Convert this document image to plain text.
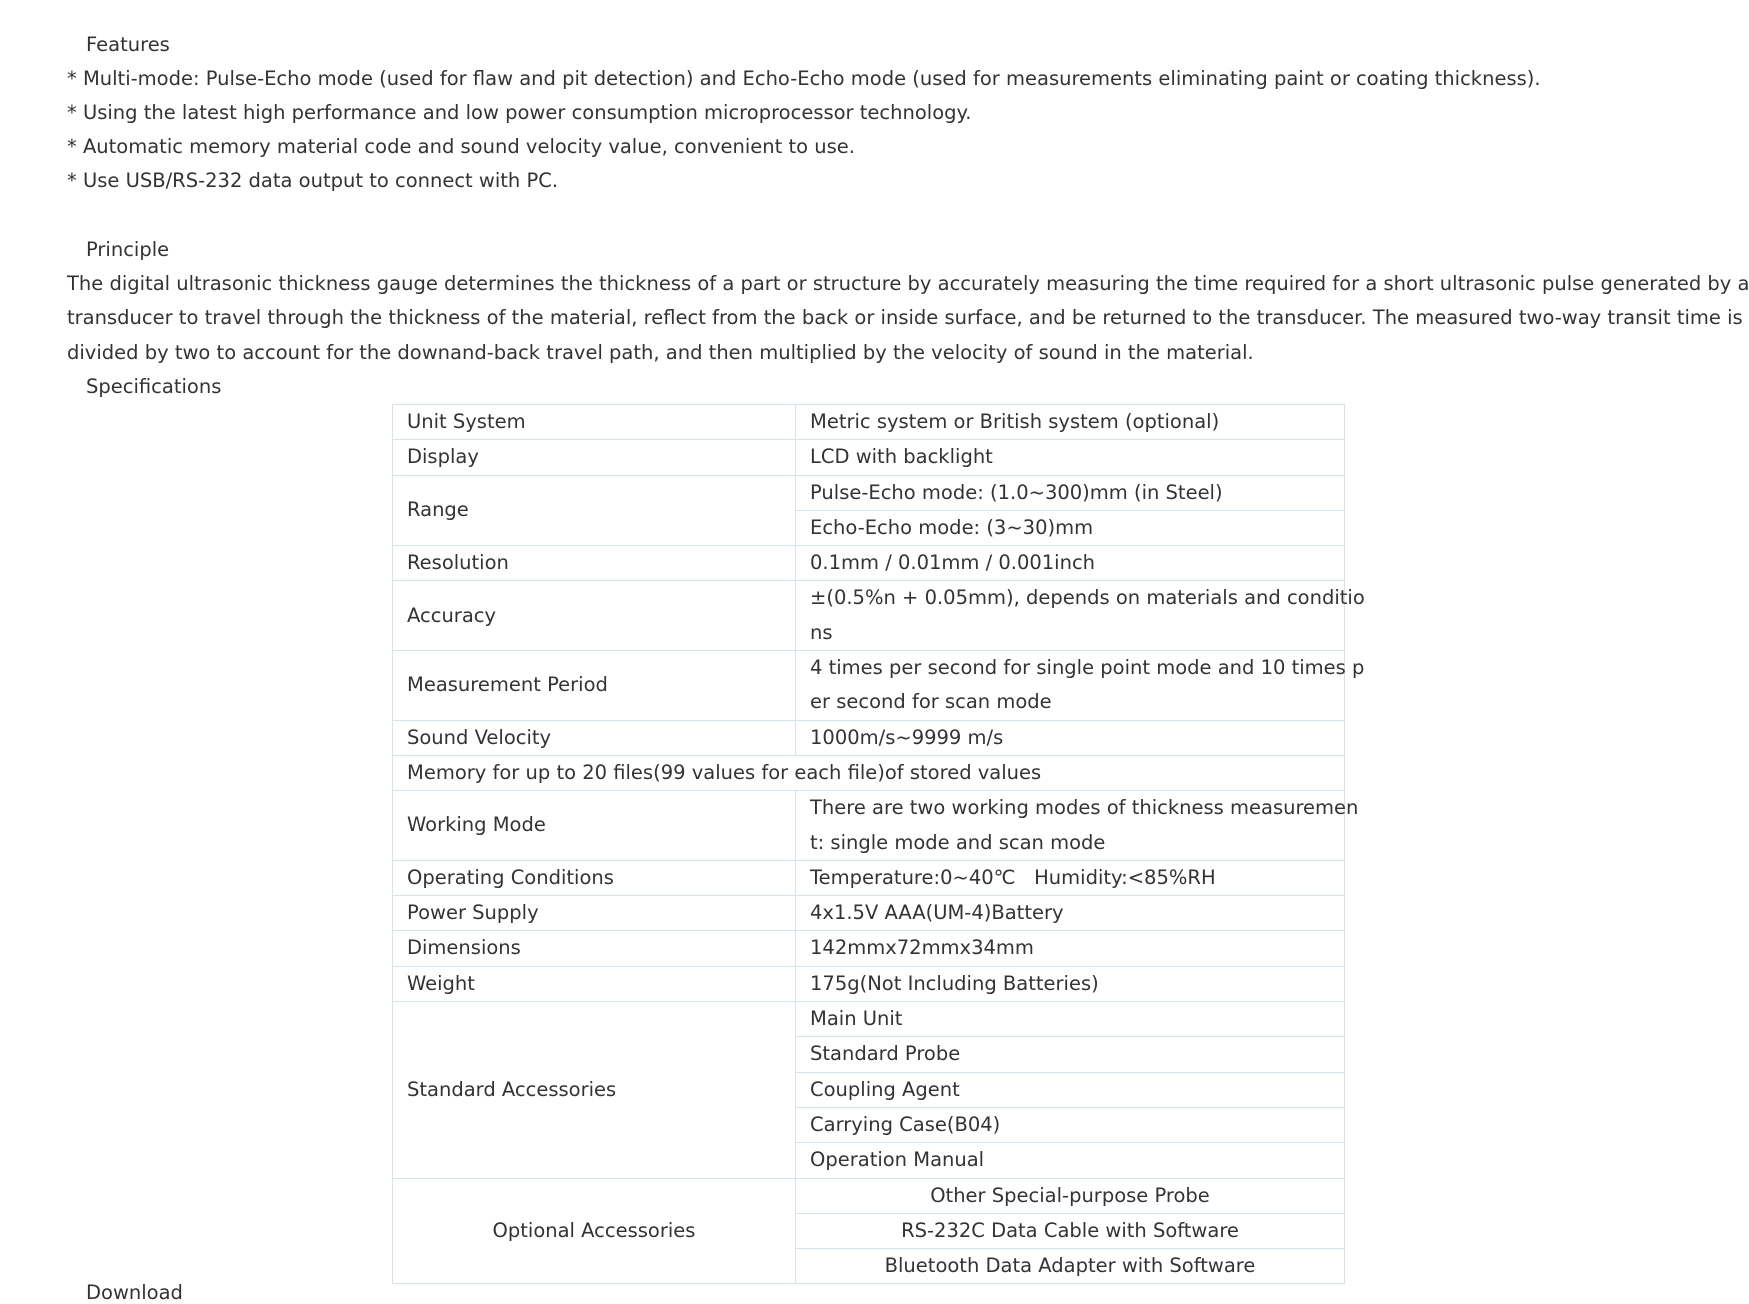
Features
* Multi-mode: Pulse-Echo mode (used for flaw and pit detection) and Echo-Echo mode (used for measurements eliminating paint or coating thickness).
* Using the latest high performance and low power consumption microprocessor technology.
* Automatic memory material code and sound velocity value, convenient to use.
* Use USB/RS-232 data output to connect with PC.
Principle
The digital ultrasonic thickness gauge determines the thickness of a part or structure by accurately measuring the time required for a short ultrasonic pulse generated by a
transducer to travel through the thickness of the material, reflect from the back or inside surface, and be returned to the transducer. The measured two-way transit time is
divided by two to account for the downand-back travel path, and then multiplied by the velocity of sound in the material.
Specifications
Unit System	Metric system or British system (optional)
Display	LCD with backlight
Range	Pulse-Echo mode: (1.0~300)mm (in Steel)
	Echo-Echo mode: (3~30)mm
Resolution	0.1mm / 0.01mm / 0.001inch
Accuracy	±(0.5%n + 0.05mm), depends on materials and conditio
ns

Measurement Period	4 times per second for single point mode and 10 times p
er second for scan mode

Sound Velocity	1000m/s~9999 m/s
Memory for up to 20 files(99 values for each file)of stored values	
Working Mode	There are two working modes of thickness measuremen
t: single mode and scan mode

Operating Conditions	Temperature:0~40℃   Humidity:<85%RH
Power Supply	4x1.5V AAA(UM-4)Battery
Dimensions	142mmx72mmx34mm
Weight	175g(Not Including Batteries)
Standard Accessories	Main Unit
	Standard Probe
	Coupling Agent
	Carrying Case(B04)
	Operation Manual
Optional Accessories	Other Special-purpose Probe
	RS-232C Data Cable with Software
	Bluetooth Data Adapter with Software
Download
